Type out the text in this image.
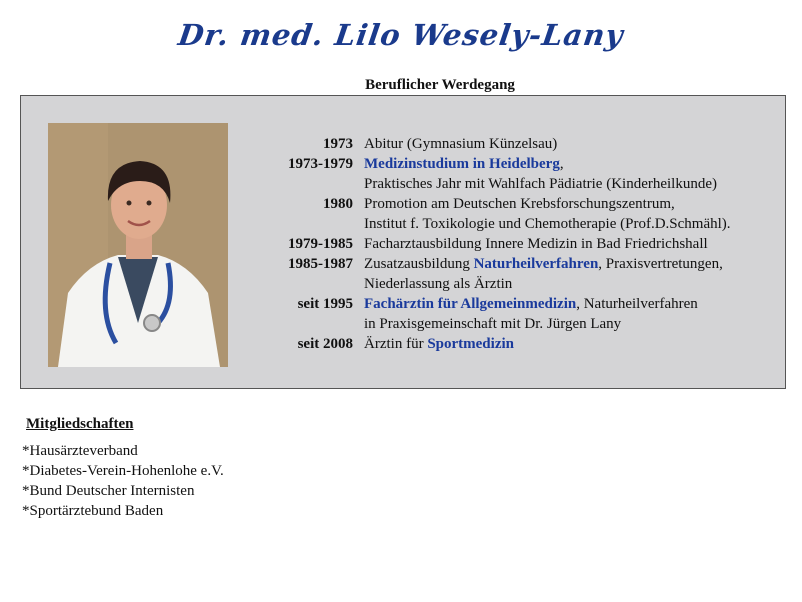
Dr. med. Lilo Wesely-Lany
Beruflicher Werdegang
1973 Abitur (Gymnasium Künzelsau)
1973-1979 Medizinstudium in Heidelberg,
Praktisches Jahr mit Wahlfach Pädiatrie (Kinderheilkunde)
1980 Promotion am Deutschen Krebsforschungszentrum,
Institut f. Toxikologie und Chemotherapie (Prof.D.Schmähl).
1979-1985 Facharztausbildung Innere Medizin in Bad Friedrichshall
1985-1987 Zusatzausbildung Naturheilverfahren, Praxisvertretungen,
Niederlassung als Ärztin
seit 1995 Fachärztin für Allgemeinmedizin, Naturheilverfahren
in Praxisgemeinschaft mit Dr. Jürgen Lany
seit 2008 Ärztin für Sportmedizin
Mitgliedschaften
*Hausärzteverband
*Diabetes-Verein-Hohenlohe e.V.
*Bund Deutscher Internisten
*Sportärztebund Baden
